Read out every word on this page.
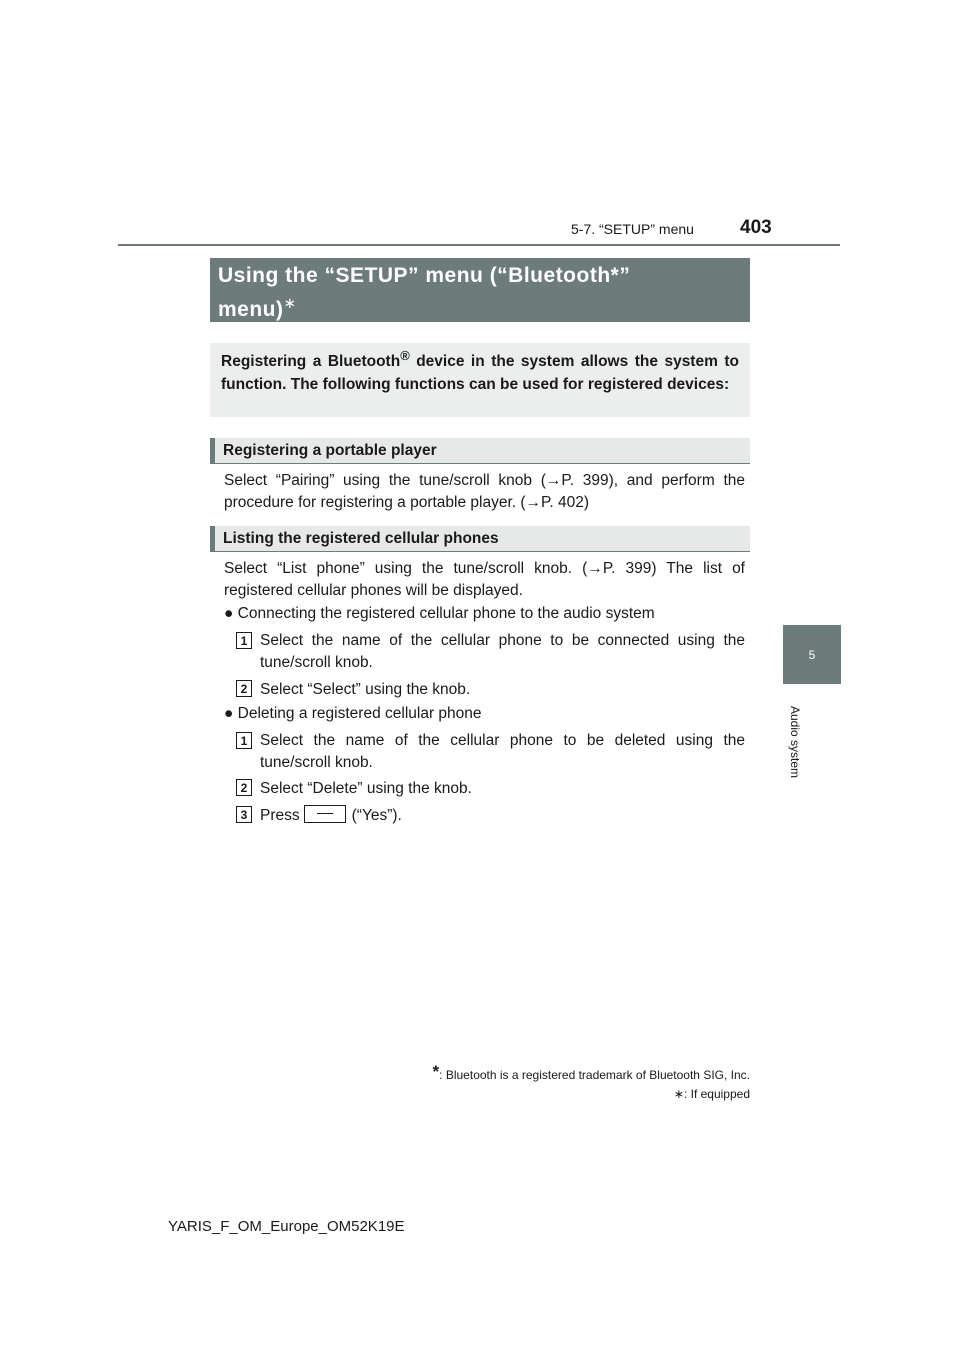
5-7. “SETUP” menu 403
5
Audio system
Using the “SETUP” menu (“Bluetooth*”
menu)∗
Registering a Bluetooth® device in the system allows the system to function. The following functions can be used for registered devices:
Registering a portable player
Select “Pairing” using the tune/scroll knob (→P. 399), and perform the procedure for registering a portable player. (→P. 402)
Listing the registered cellular phones
Select “List phone” using the tune/scroll knob. (→P. 399) The list of registered cellular phones will be displayed.
● Connecting the registered cellular phone to the audio system
1 Select the name of the cellular phone to be connected using the tune/scroll knob.
2 Select “Select” using the knob.
● Deleting a registered cellular phone
1 Select the name of the cellular phone to be deleted using the tune/scroll knob.
2 Select “Delete” using the knob.
3 Press	(“Yes”).
*: Bluetooth is a registered trademark of Bluetooth SIG, Inc.
∗: If equipped
YARIS_F_OM_Europe_OM52K19E
